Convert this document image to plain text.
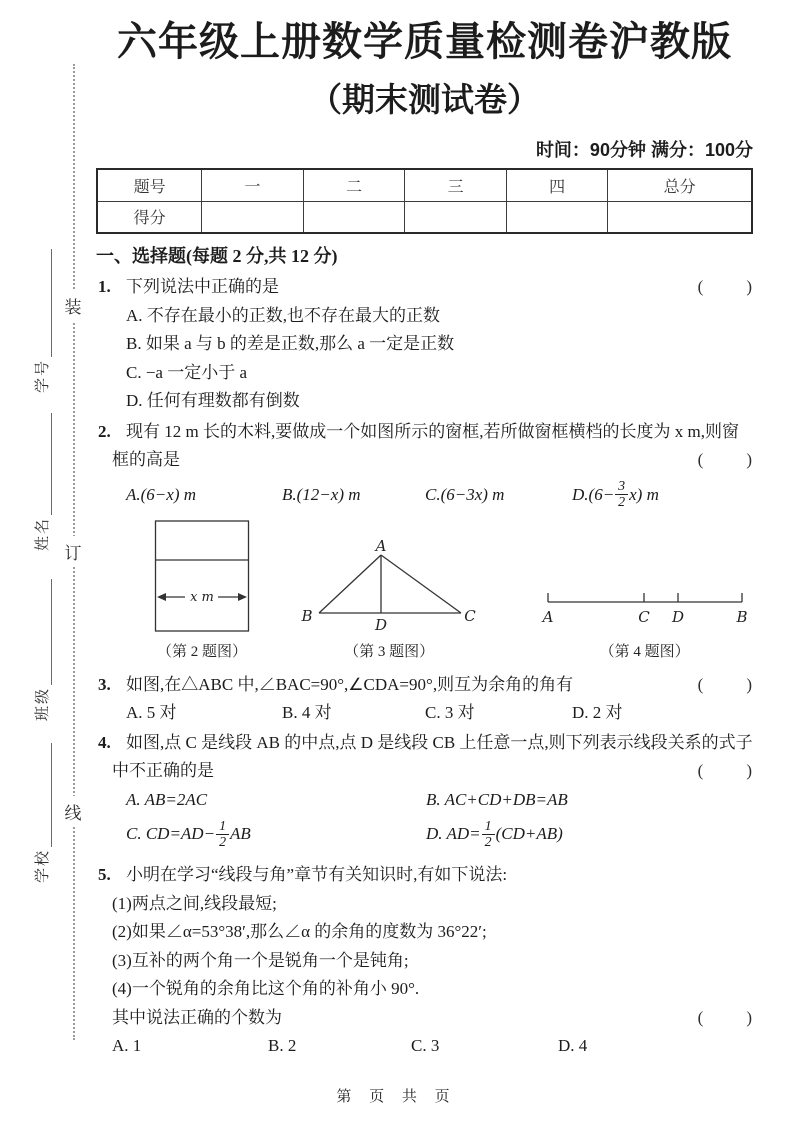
装
订
线
学号
姓名
班级
学校
六年级上册数学质量检测卷沪教版
（期末测试卷）
时间：90分钟 满分：100分
题号	一	二	三	四	总分
得分					
一、选择题(每题 2 分,共 12 分)
1. 下列说法中正确的是	(        )
A. 不存在最小的正数,也不存在最大的正数
B. 如果 a 与 b 的差是正数,那么 a 一定是正数
C. −a 一定小于 a
D. 任何有理数都有倒数
2. 现有 12 m 长的木料,要做成一个如图所示的窗框,若所做窗框横档的长度为 x m,则窗
框的高是	(        )
A.(6−x) m	B.(12−x) m	C.(6−3x) m	$D.(6- \frac{3}{2} x)$ m
x m
（第 2 题图）
A
B	C
D
（第 3 题图）
A	C D	B
（第 4 题图）
3. 如图,在△ABC 中,∠BAC=90°,∠CDA=90°,则互为余角的角有	(        )
A. 5 对	B. 4 对	C. 3 对	D. 2 对
4. 如图,点 C 是线段 AB 的中点,点 D 是线段 CB 上任意一点,则下列表示线段关系的式子
中不正确的是	(        )
A. AB=2AC	B. AC+CD+DB=AB
C. $CD=AD- \frac{1}{2}$ AB	D. $AD= \frac{1}{2} (CD+AB)$
5. 小明在学习“线段与角”章节有关知识时,有如下说法:
(1)两点之间,线段最短;
(2)如果∠α=53°38′,那么∠α 的余角的度数为 36°22′;
(3)互补的两个角一个是锐角一个是钝角;
(4)一个锐角的余角比这个角的补角小 90°.
其中说法正确的个数为	(        )
A. 1	B. 2	C. 3	D. 4
第 页 共 页
